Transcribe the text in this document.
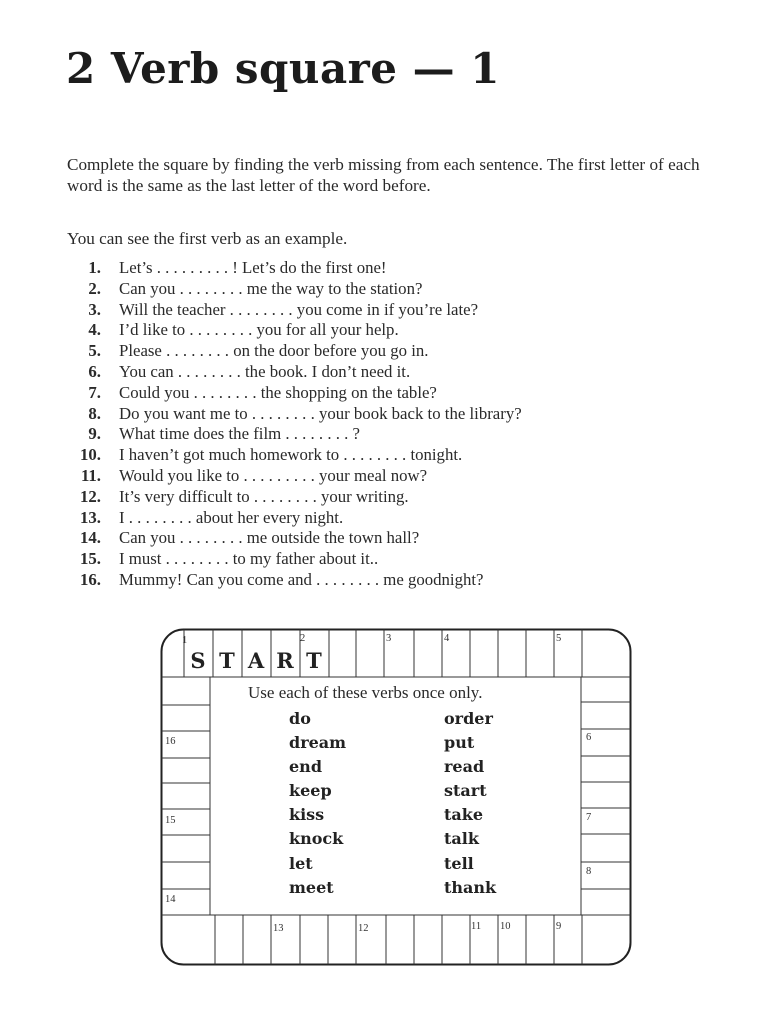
2 Verb square — 1

Complete the square by finding the verb missing from each sentence. The first letter of each word is the same as the last letter of the word before.

You can see the first verb as an example.

1. Let’s . . . . . . . . . ! Let’s do the first one!
2. Can you . . . . . . . . me the way to the station?
3. Will the teacher . . . . . . . . you come in if you’re late?
4. I’d like to . . . . . . . . you for all your help.
5. Please . . . . . . . . on the door before you go in.
6. You can . . . . . . . . the book. I don’t need it.
7. Could you . . . . . . . . the shopping on the table?
8. Do you want me to . . . . . . . . your book back to the library?
9. What time does the film . . . . . . . . ?
10. I haven’t got much homework to . . . . . . . . tonight.
11. Would you like to . . . . . . . . . your meal now?
12. It’s very difficult to . . . . . . . . your writing.
13. I . . . . . . . . about her every night.
14. Can you . . . . . . . . me outside the town hall?
15. I must . . . . . . . . to my father about it..
16. Mummy! Can you come and . . . . . . . . me goodnight?
S T A R T
1	2	3	4	5
6
7
8
9
10
11
12
13
14
15
16
Use each of these verbs once only.
do
dream
end
keep
kiss
knock
let
meet
order
put
read
start
take
talk
tell
thank
